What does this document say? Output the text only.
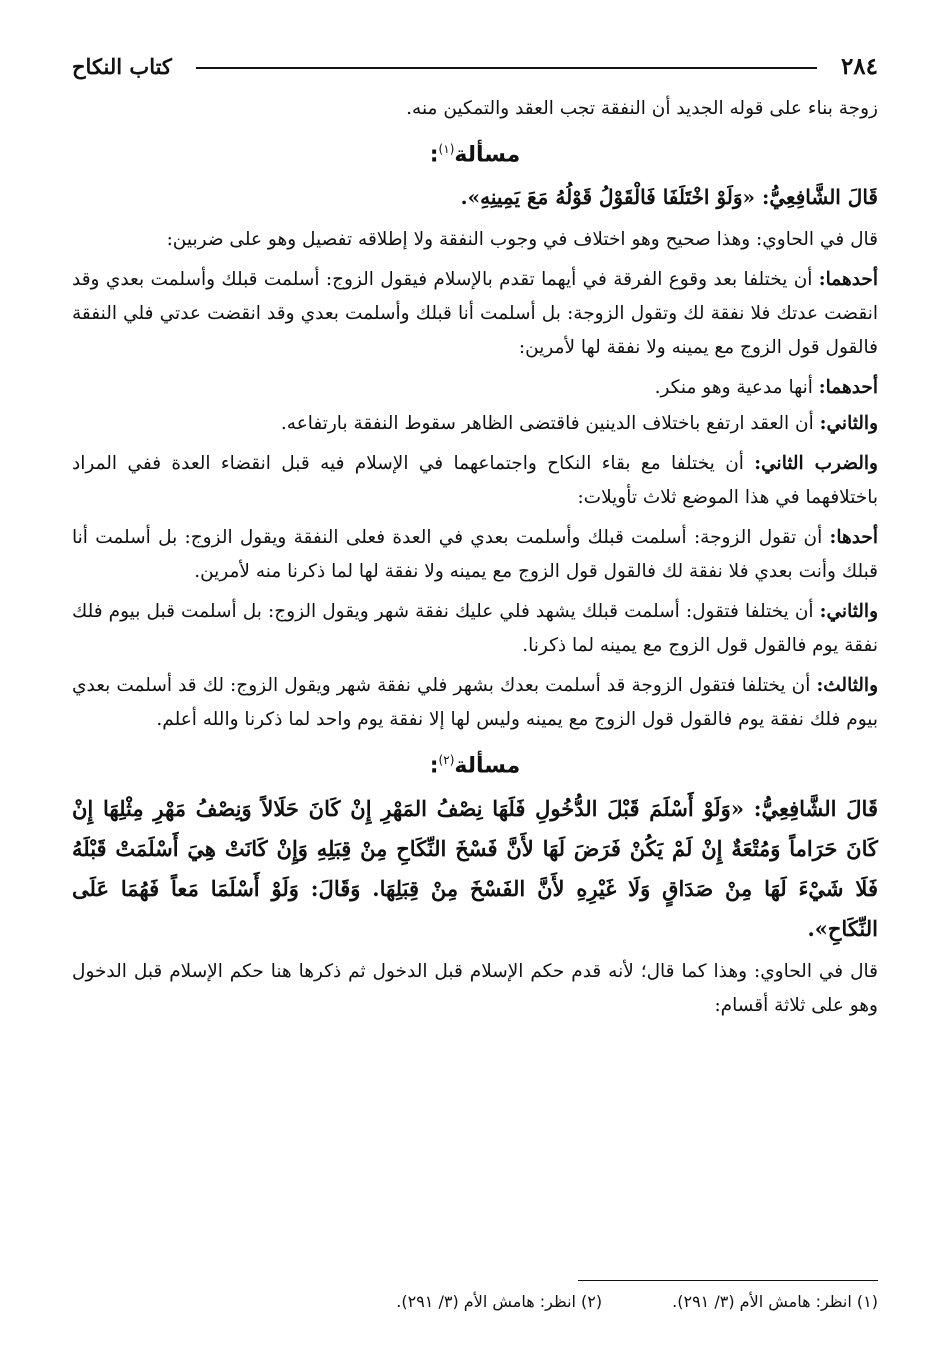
٢٨٤
كتاب النكاح

زوجة بناء على قوله الجديد أن النفقة تجب العقد والتمكين منه.

مسألة$^{(١)}$:

قَالَ الشَّافِعِيُّ: «وَلَوْ اخْتَلَفَا فَالْقَوْلُ قَوْلُهُ مَعَ يَمِينِهِ».

قال في الحاوي: وهذا صحيح وهو اختلاف في وجوب النفقة ولا إطلاقه تفصيل وهو على ضربين:

أحدهما: أن يختلفا بعد وقوع الفرقة في أيهما تقدم بالإسلام فيقول الزوج: أسلمت قبلك وأسلمت بعدي وقد انقضت عدتك فلا نفقة لك وتقول الزوجة: بل أسلمت أنا قبلك وأسلمت بعدي وقد انقضت عدتي فلي النفقة فالقول قول الزوج مع يمينه ولا نفقة لها لأمرين:

أحدهما: أنها مدعية وهو منكر.

والثاني: أن العقد ارتفع باختلاف الدينين فاقتضى الظاهر سقوط النفقة بارتفاعه.

والضرب الثاني: أن يختلفا مع بقاء النكاح واجتماعهما في الإسلام فيه قبل انقضاء العدة ففي المراد باختلافهما في هذا الموضع ثلاث تأويلات:

أحدها: أن تقول الزوجة: أسلمت قبلك وأسلمت بعدي في العدة فعلى النفقة ويقول الزوج: بل أسلمت أنا قبلك وأنت بعدي فلا نفقة لك فالقول قول الزوج مع يمينه ولا نفقة لها لما ذكرنا منه لأمرين.

والثاني: أن يختلفا فتقول: أسلمت قبلك يشهد فلي عليك نفقة شهر ويقول الزوج: بل أسلمت قبل بيوم فلك نفقة يوم فالقول قول الزوج مع يمينه لما ذكرنا.

والثالث: أن يختلفا فتقول الزوجة قد أسلمت بعدك بشهر فلي نفقة شهر ويقول الزوج: لك قد أسلمت بعدي بيوم فلك نفقة يوم فالقول قول الزوج مع يمينه وليس لها إلا نفقة يوم واحد لما ذكرنا والله أعلم.

مسألة$^{(٢)}$:

قَالَ الشَّافِعِيُّ: «وَلَوْ أَسْلَمَ قَبْلَ الدُّخُولِ فَلَهَا نِصْفُ المَهْرِ إِنْ كَانَ حَلَالاً وَنِصْفُ مَهْرِ مِثْلِهَا إِنْ كَانَ حَرَاماً وَمُتْعَةٌ إِنْ لَمْ يَكُنْ فَرَضَ لَهَا لأَنَّ فَسْخَ النِّكَاحِ مِنْ قِبَلِهِ وَإِنْ كَانَتْ هِيَ أَسْلَمَتْ قَبْلَهُ فَلَا شَيْءَ لَهَا مِنْ صَدَاقٍ وَلَا غَيْرِهِ لأَنَّ الفَسْخَ مِنْ قِبَلِهَا. وَقَالَ: وَلَوْ أَسْلَمَا مَعاً فَهُمَا عَلَى النِّكَاحِ».

قال في الحاوي: وهذا كما قال؛ لأنه قدم حكم الإسلام قبل الدخول ثم ذكرها هنا حكم الإسلام قبل الدخول وهو على ثلاثة أقسام:

(١) انظر: هامش الأم (٣/ ٢٩١).
(٢) انظر: هامش الأم (٣/ ٢٩١).
